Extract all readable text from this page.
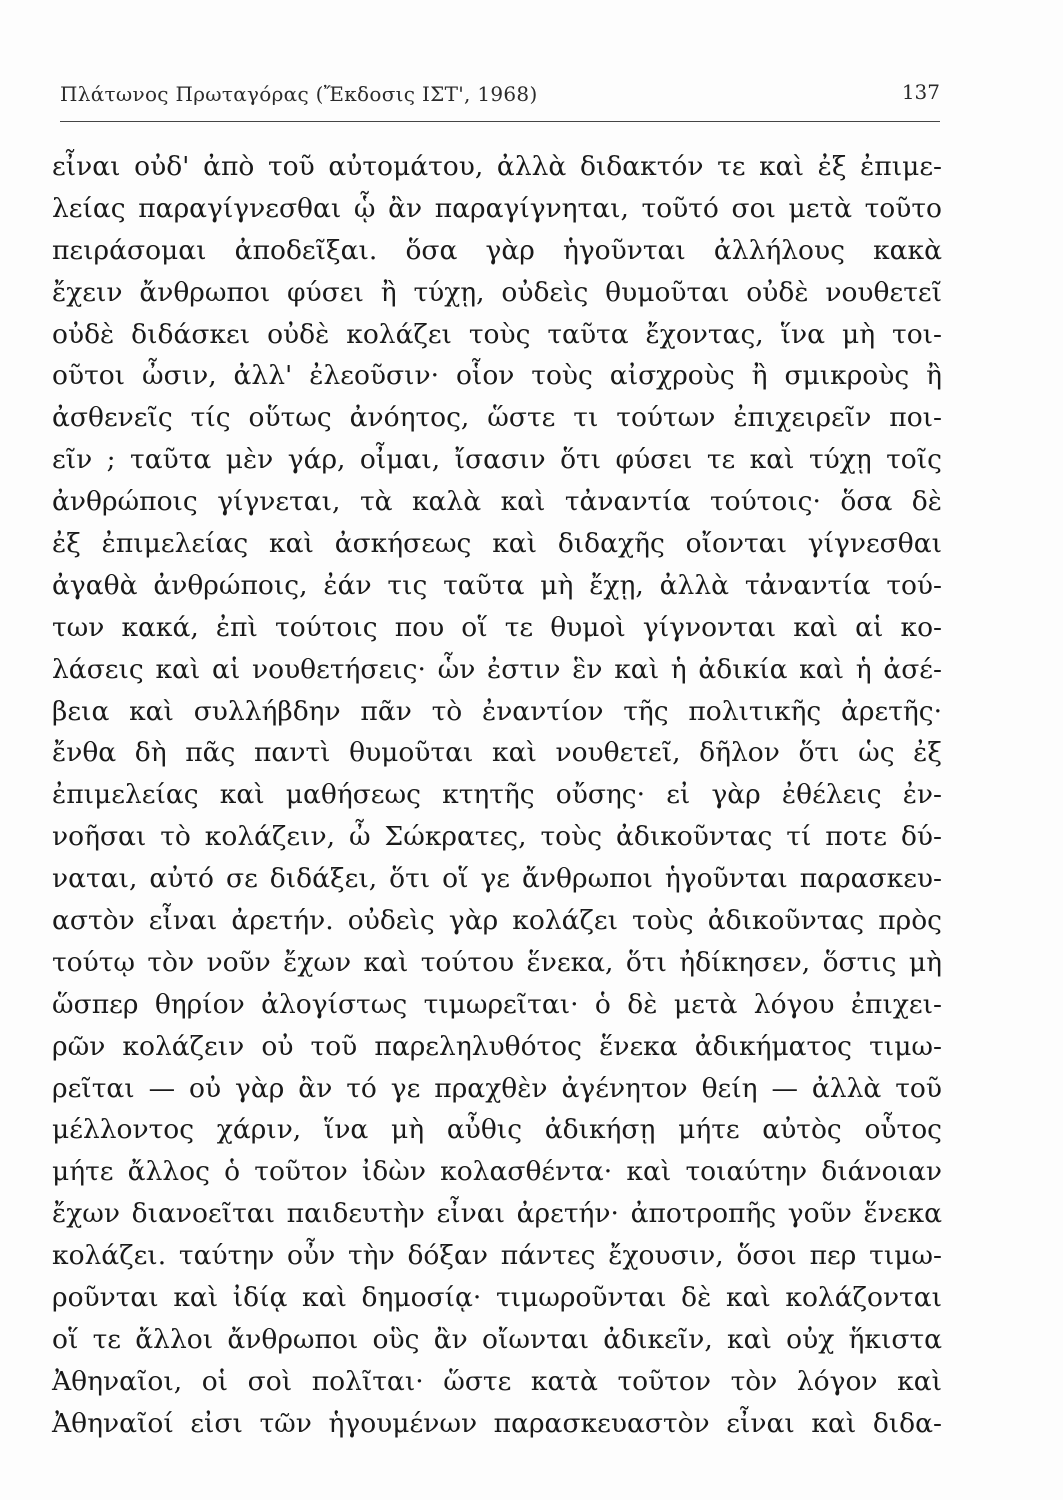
Πλάτωνος Πρωταγόρας (Ἔκδοσις ΙΣΤ', 1968)	137
εἶναι οὐδ' ἀπὸ τοῦ αὐτομάτου, ἀλλὰ διδακτόν τε καὶ ἐξ ἐπιμε-
λείας παραγίγνεσθαι ᾧ ἂν παραγίγνηται, τοῦτό σοι μετὰ τοῦτο
πειράσομαι ἀποδεῖξαι. ὅσα γὰρ ἡγοῦνται ἀλλήλους κακὰ
ἔχειν ἄνθρωποι φύσει ἢ τύχῃ, οὐδεὶς θυμοῦται οὐδὲ νουθετεῖ
οὐδὲ διδάσκει οὐδὲ κολάζει τοὺς ταῦτα ἔχοντας, ἵνα μὴ τοι-
οῦτοι ὦσιν, ἀλλ' ἐλεοῦσιν· οἷον τοὺς αἰσχροὺς ἢ σμικροὺς ἢ
ἀσθενεῖς τίς οὕτως ἀνόητος, ὥστε τι τούτων ἐπιχειρεῖν ποι-
εῖν ; ταῦτα μὲν γάρ, οἶμαι, ἴσασιν ὅτι φύσει τε καὶ τύχῃ τοῖς
ἀνθρώποις γίγνεται, τὰ καλὰ καὶ τἀναντία τούτοις· ὅσα δὲ
ἐξ ἐπιμελείας καὶ ἀσκήσεως καὶ διδαχῆς οἴονται γίγνεσθαι
ἀγαθὰ ἀνθρώποις, ἐάν τις ταῦτα μὴ ἔχῃ, ἀλλὰ τἀναντία τού-
των κακά, ἐπὶ τούτοις που οἵ τε θυμοὶ γίγνονται καὶ αἱ κο-
λάσεις καὶ αἱ νουθετήσεις· ὧν ἐστιν ἓν καὶ ἡ ἀδικία καὶ ἡ ἀσέ-
βεια καὶ συλλήβδην πᾶν τὸ ἐναντίον τῆς πολιτικῆς ἀρετῆς·
ἔνθα δὴ πᾶς παντὶ θυμοῦται καὶ νουθετεῖ, δῆλον ὅτι ὡς ἐξ
ἐπιμελείας καὶ μαθήσεως κτητῆς οὔσης· εἰ γὰρ ἐθέλεις ἐν-
νοῆσαι τὸ κολάζειν, ὦ Σώκρατες, τοὺς ἀδικοῦντας τί ποτε δύ-
ναται, αὐτό σε διδάξει, ὅτι οἵ γε ἄνθρωποι ἡγοῦνται παρασκευ-
αστὸν εἶναι ἀρετήν. οὐδεὶς γὰρ κολάζει τοὺς ἀδικοῦντας πρὸς
τούτῳ τὸν νοῦν ἔχων καὶ τούτου ἕνεκα, ὅτι ἠδίκησεν, ὅστις μὴ
ὥσπερ θηρίον ἀλογίστως τιμωρεῖται· ὁ δὲ μετὰ λόγου ἐπιχει-
ρῶν κολάζειν οὐ τοῦ παρεληλυθότος ἕνεκα ἀδικήματος τιμω-
ρεῖται — οὐ γὰρ ἂν τό γε πραχθὲν ἀγένητον θείη — ἀλλὰ τοῦ
μέλλοντος χάριν, ἵνα μὴ αὖθις ἀδικήσῃ μήτε αὐτὸς οὗτος
μήτε ἄλλος ὁ τοῦτον ἰδὼν κολασθέντα· καὶ τοιαύτην διάνοιαν
ἔχων διανοεῖται παιδευτὴν εἶναι ἀρετήν· ἀποτροπῆς γοῦν ἕνεκα
κολάζει. ταύτην οὖν τὴν δόξαν πάντες ἔχουσιν, ὅσοι περ τιμω-
ροῦνται καὶ ἰδίᾳ καὶ δημοσίᾳ· τιμωροῦνται δὲ καὶ κολάζονται
οἵ τε ἄλλοι ἄνθρωποι οὓς ἂν οἴωνται ἀδικεῖν, καὶ οὐχ ἥκιστα
Ἀθηναῖοι, οἱ σοὶ πολῖται· ὥστε κατὰ τοῦτον τὸν λόγον καὶ
Ἀθηναῖοί εἰσι τῶν ἡγουμένων παρασκευαστὸν εἶναι καὶ διδα-
